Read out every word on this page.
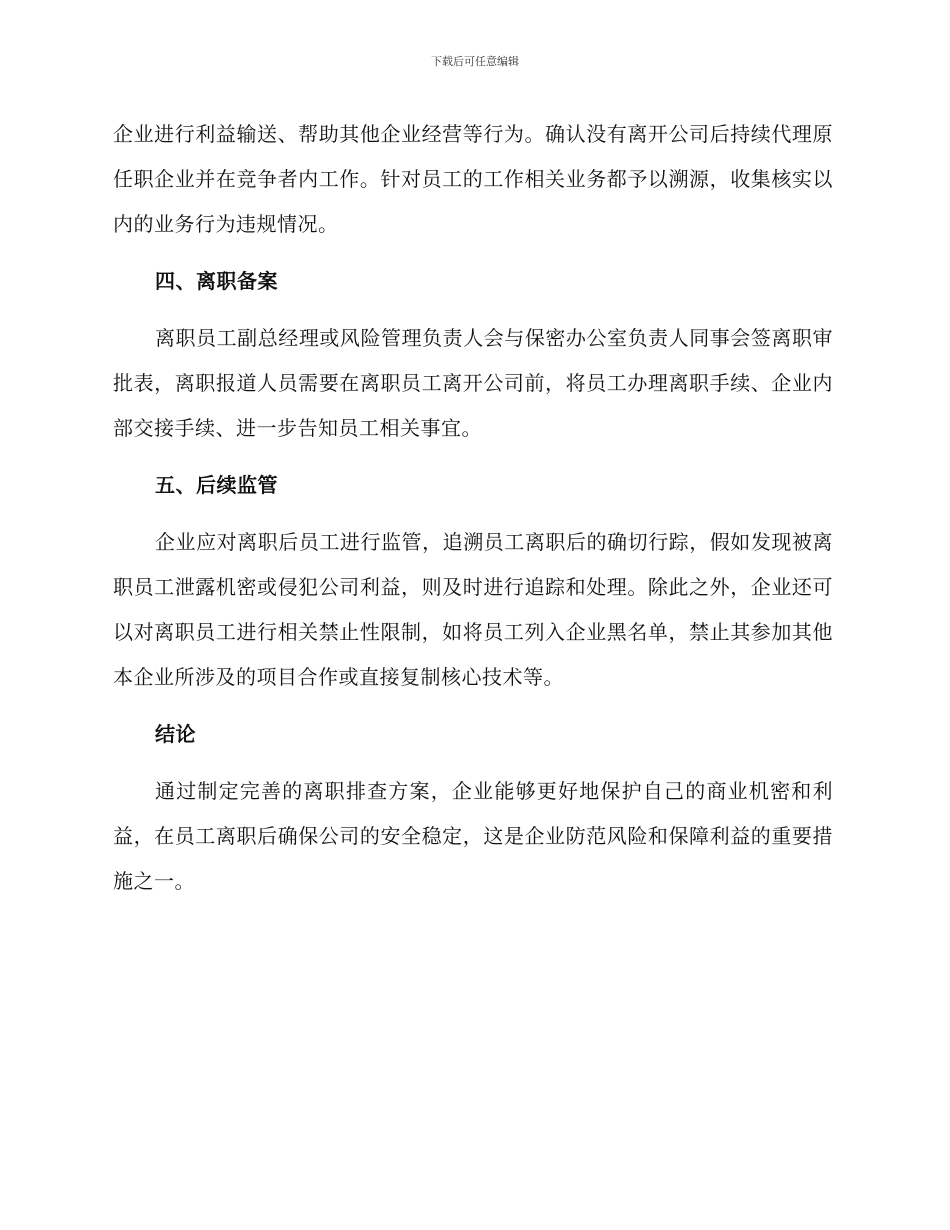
下载后可任意编辑

企业进行利益输送、帮助其他企业经营等行为。确认没有离开公司后持续代理原任职企业并在竞争者内工作。针对员工的工作相关业务都予以溯源，收集核实以内的业务行为违规情况。

四、离职备案

离职员工副总经理或风险管理负责人会与保密办公室负责人同事会签离职审批表，离职报道人员需要在离职员工离开公司前，将员工办理离职手续、企业内部交接手续、进一步告知员工相关事宜。

五、后续监管

企业应对离职后员工进行监管，追溯员工离职后的确切行踪，假如发现被离职员工泄露机密或侵犯公司利益，则及时进行追踪和处理。除此之外，企业还可以对离职员工进行相关禁止性限制，如将员工列入企业黑名单，禁止其参加其他本企业所涉及的项目合作或直接复制核心技术等。

结论

通过制定完善的离职排查方案，企业能够更好地保护自己的商业机密和利益，在员工离职后确保公司的安全稳定，这是企业防范风险和保障利益的重要措施之一。
